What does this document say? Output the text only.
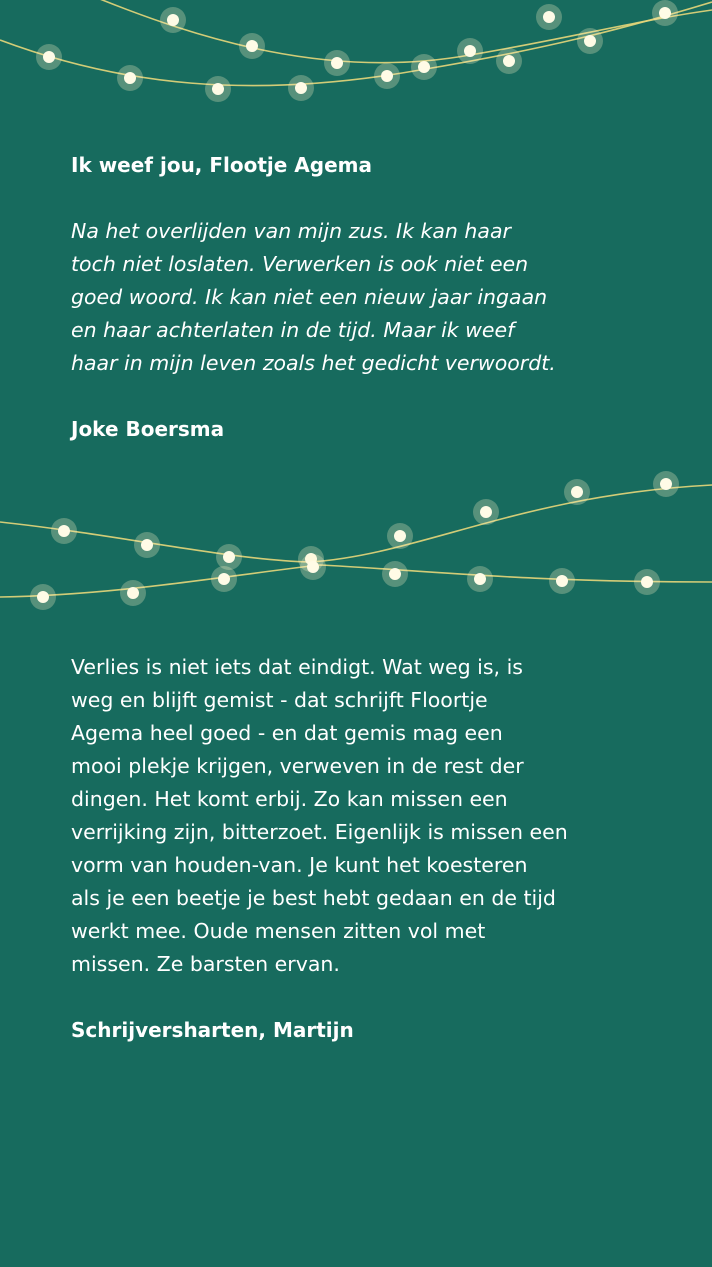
Ik weef jou, Flootje Agema
Na het overlijden van mijn zus. Ik kan haar
toch niet loslaten. Verwerken is ook niet een
goed woord. Ik kan niet een nieuw jaar ingaan
en haar achterlaten in de tijd. Maar ik weef
haar in mijn leven zoals het gedicht verwoordt.
Joke Boersma
Verlies is niet iets dat eindigt. Wat weg is, is
weg en blijft gemist - dat schrijft Floortje
Agema heel goed - en dat gemis mag een
mooi plekje krijgen, verweven in de rest der
dingen. Het komt erbij. Zo kan missen een
verrijking zijn, bitterzoet. Eigenlijk is missen een
vorm van houden-van. Je kunt het koesteren
als je een beetje je best hebt gedaan en de tijd
werkt mee. Oude mensen zitten vol met
missen. Ze barsten ervan.
Schrijversharten, Martijn
